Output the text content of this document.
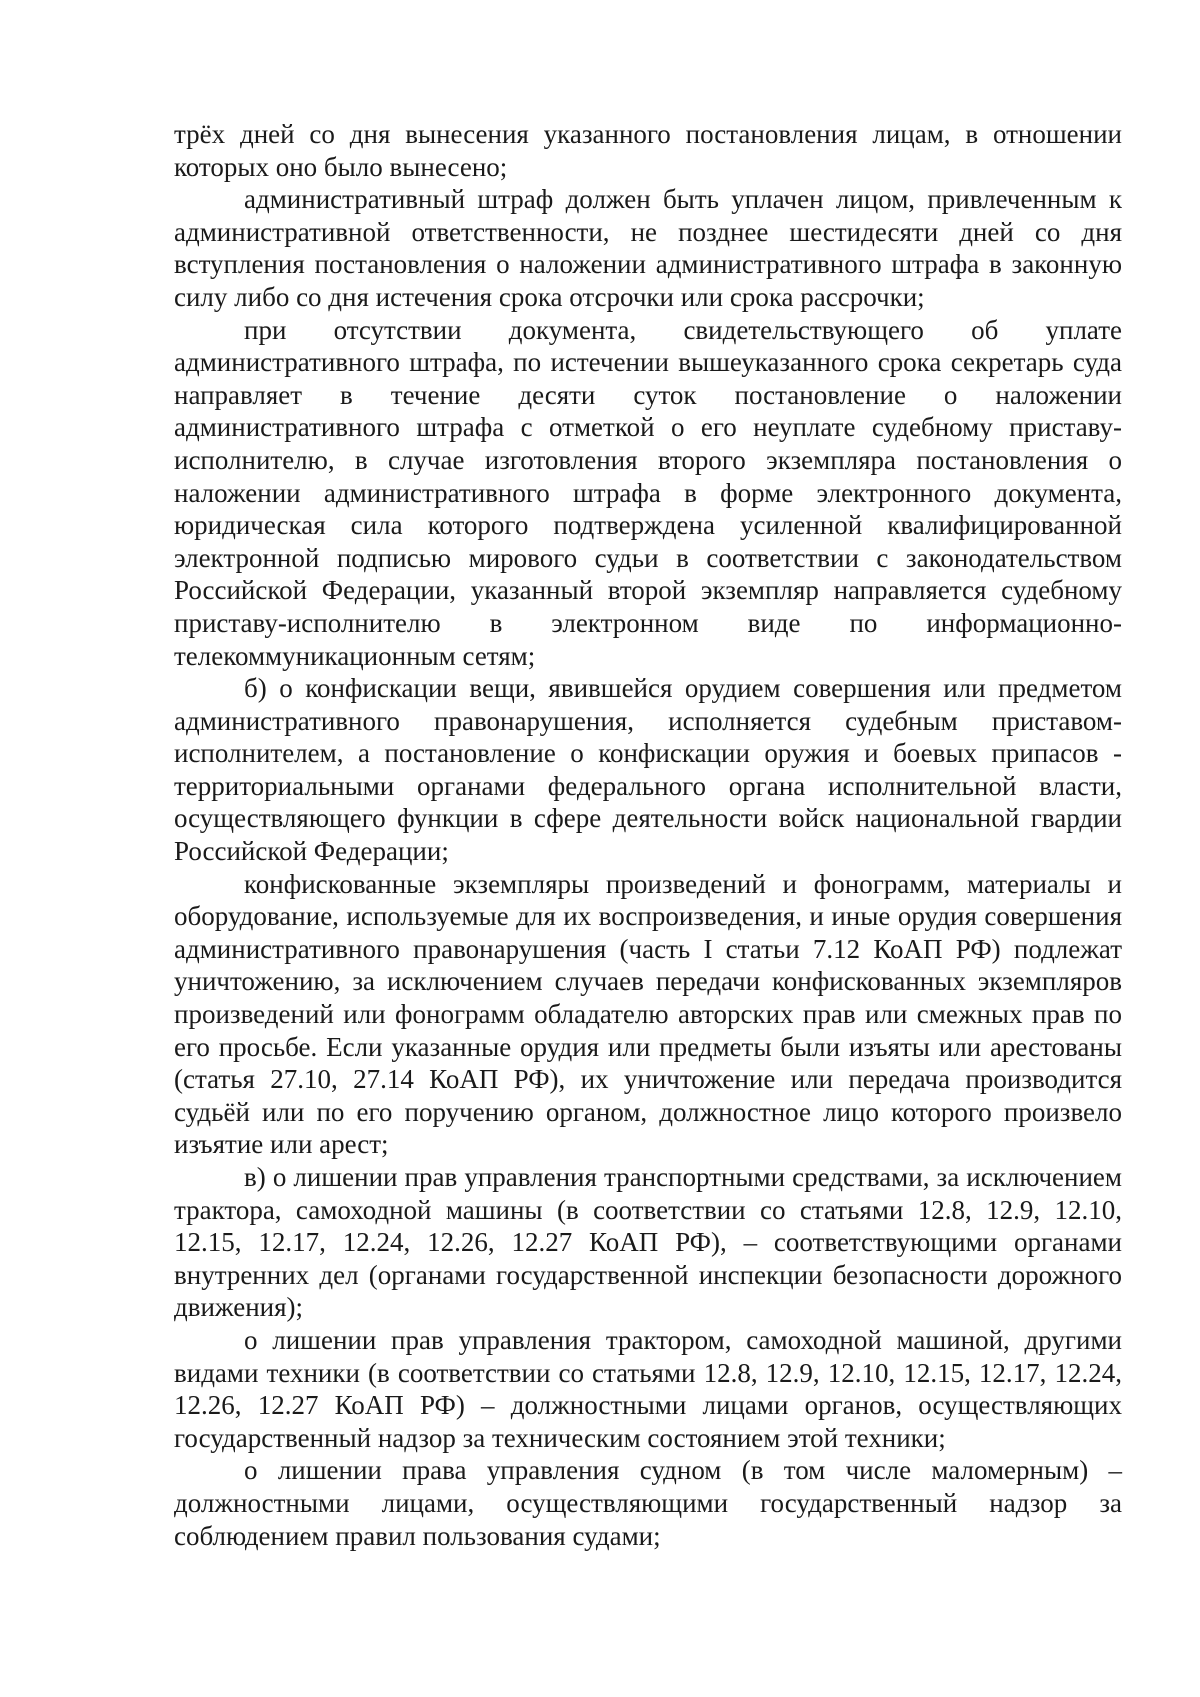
трёх дней со дня вынесения указанного постановления лицам, в отношении которых оно было вынесено;

административный штраф должен быть уплачен лицом, привлеченным к административной ответственности, не позднее шестидесяти дней со дня вступления постановления о наложении административного штрафа в законную силу либо со дня истечения срока отсрочки или срока рассрочки;

при отсутствии документа, свидетельствующего об уплате административного штрафа, по истечении вышеуказанного срока секретарь суда направляет в течение десяти суток постановление о наложении административного штрафа с отметкой о его неуплате судебному приставу-исполнителю, в случае изготовления второго экземпляра постановления о наложении административного штрафа в форме электронного документа, юридическая сила которого подтверждена усиленной квалифицированной электронной подписью мирового судьи в соответствии с законодательством Российской Федерации, указанный второй экземпляр направляется судебному приставу-исполнителю в электронном виде по информационно-телекоммуникационным сетям;

б) о конфискации вещи, явившейся орудием совершения или предметом административного правонарушения, исполняется судебным приставом-исполнителем, а постановление о конфискации оружия и боевых припасов - территориальными органами федерального органа исполнительной власти, осуществляющего функции в сфере деятельности войск национальной гвардии Российской Федерации;

конфискованные экземпляры произведений и фонограмм, материалы и оборудование, используемые для их воспроизведения, и иные орудия совершения административного правонарушения (часть I статьи 7.12 КоАП РФ) подлежат уничтожению, за исключением случаев передачи конфискованных экземпляров произведений или фонограмм обладателю авторских прав или смежных прав по его просьбе. Если указанные орудия или предметы были изъяты или арестованы (статья 27.10, 27.14 КоАП РФ), их уничтожение или передача производится судьёй или по его поручению органом, должностное лицо которого произвело изъятие или арест;

в) о лишении прав управления транспортными средствами, за исключением трактора, самоходной машины (в соответствии со статьями 12.8, 12.9, 12.10, 12.15, 12.17, 12.24, 12.26, 12.27 КоАП РФ), – соответствующими органами внутренних дел (органами государственной инспекции безопасности дорожного движения);

о лишении прав управления трактором, самоходной машиной, другими видами техники (в соответствии со статьями 12.8, 12.9, 12.10, 12.15, 12.17, 12.24, 12.26, 12.27 КоАП РФ) – должностными лицами органов, осуществляющих государственный надзор за техническим состоянием этой техники;

о лишении права управления судном (в том числе маломерным) – должностными лицами, осуществляющими государственный надзор за соблюдением правил пользования судами;
